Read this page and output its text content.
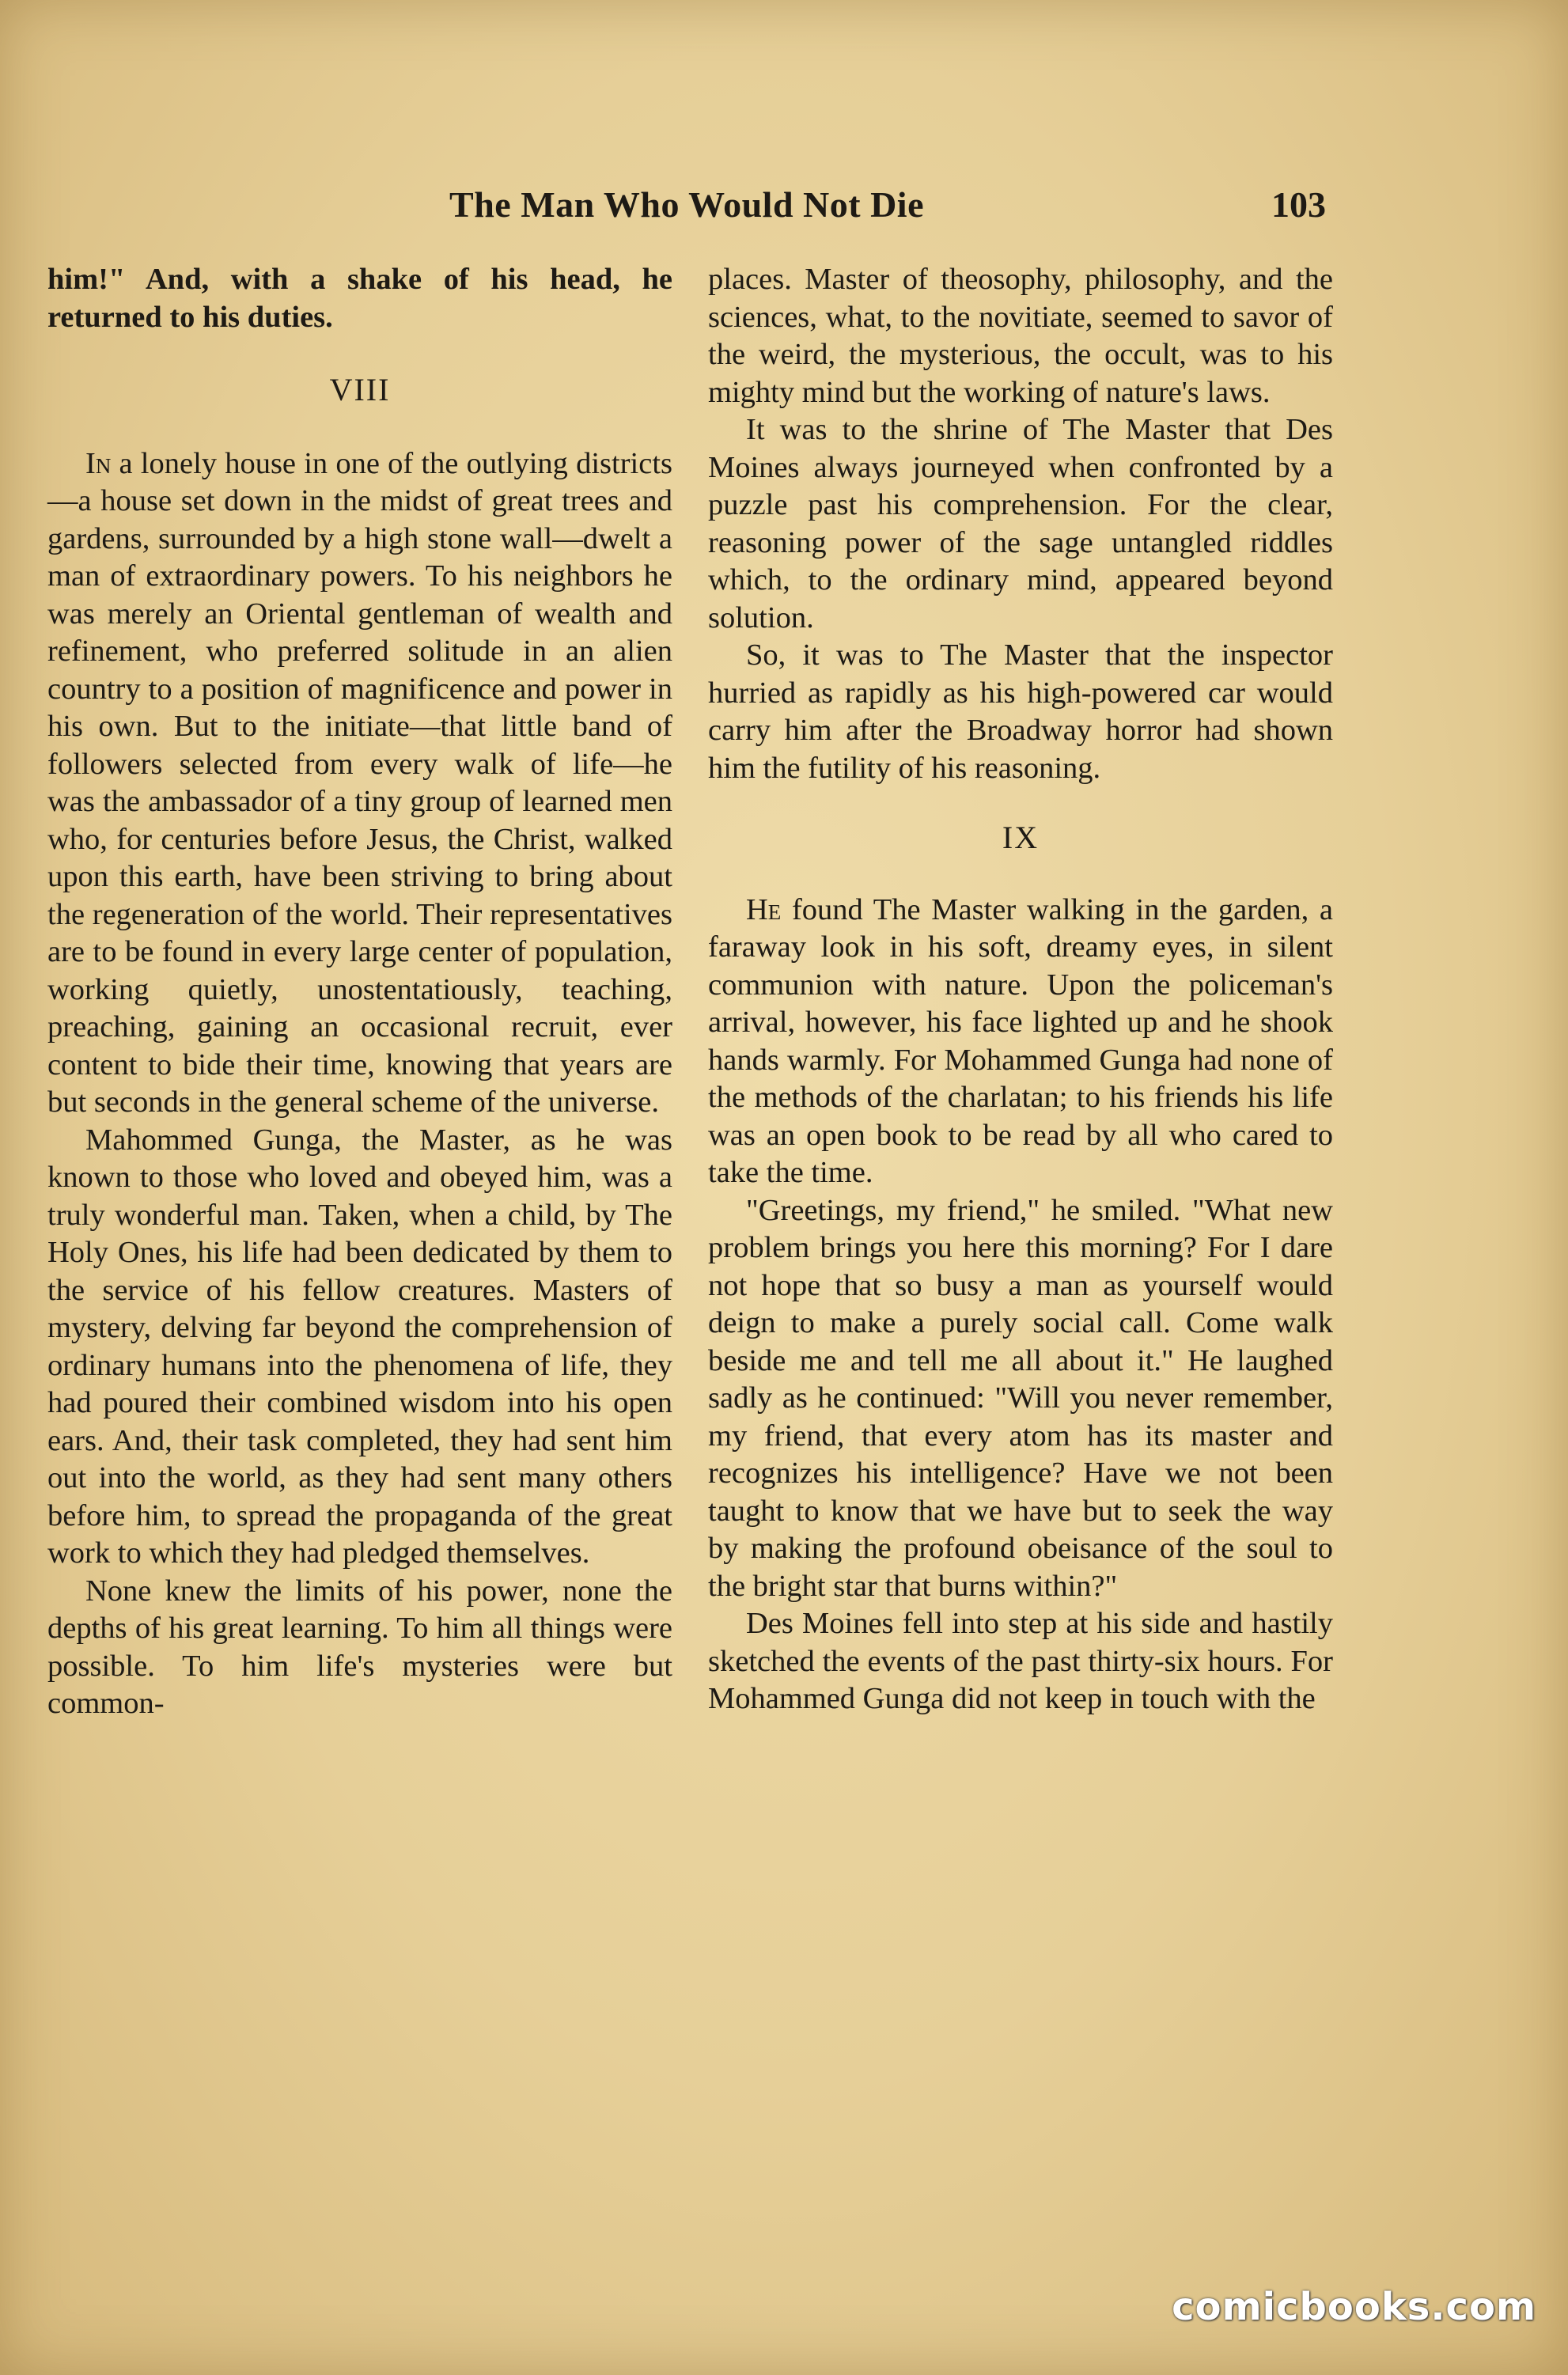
The Man Who Would Not Die	103

him!" And, with a shake of his head, he returned to his duties.

VIII

In a lonely house in one of the outlying districts—a house set down in the midst of great trees and gardens, surrounded by a high stone wall—dwelt a man of extraordinary powers. To his neighbors he was merely an Oriental gentleman of wealth and refinement, who preferred solitude in an alien country to a position of magnificence and power in his own. But to the initiate—that little band of followers selected from every walk of life—he was the ambassador of a tiny group of learned men who, for centuries before Jesus, the Christ, walked upon this earth, have been striving to bring about the regeneration of the world. Their representatives are to be found in every large center of population, working quietly, unostentatiously, teaching, preaching, gaining an occasional recruit, ever content to bide their time, knowing that years are but seconds in the general scheme of the universe.

Mahommed Gunga, the Master, as he was known to those who loved and obeyed him, was a truly wonderful man. Taken, when a child, by The Holy Ones, his life had been dedicated by them to the service of his fellow creatures. Masters of mystery, delving far beyond the comprehension of ordinary humans into the phenomena of life, they had poured their combined wisdom into his open ears. And, their task completed, they had sent him out into the world, as they had sent many others before him, to spread the propaganda of the great work to which they had pledged themselves.

None knew the limits of his power, none the depths of his great learning. To him all things were possible. To him life's mysteries were but common-

places. Master of theosophy, philosophy, and the sciences, what, to the novitiate, seemed to savor of the weird, the mysterious, the occult, was to his mighty mind but the working of nature's laws.

It was to the shrine of The Master that Des Moines always journeyed when confronted by a puzzle past his comprehension. For the clear, reasoning power of the sage untangled riddles which, to the ordinary mind, appeared beyond solution.

So, it was to The Master that the inspector hurried as rapidly as his high-powered car would carry him after the Broadway horror had shown him the futility of his reasoning.

IX

He found The Master walking in the garden, a faraway look in his soft, dreamy eyes, in silent communion with nature. Upon the policeman's arrival, however, his face lighted up and he shook hands warmly. For Mohammed Gunga had none of the methods of the charlatan; to his friends his life was an open book to be read by all who cared to take the time.

"Greetings, my friend," he smiled. "What new problem brings you here this morning? For I dare not hope that so busy a man as yourself would deign to make a purely social call. Come walk beside me and tell me all about it." He laughed sadly as he continued: "Will you never remember, my friend, that every atom has its master and recognizes his intelligence? Have we not been taught to know that we have but to seek the way by making the profound obeisance of the soul to the bright star that burns within?"

Des Moines fell into step at his side and hastily sketched the events of the past thirty-six hours. For Mohammed Gunga did not keep in touch with the

comicbooks.com
